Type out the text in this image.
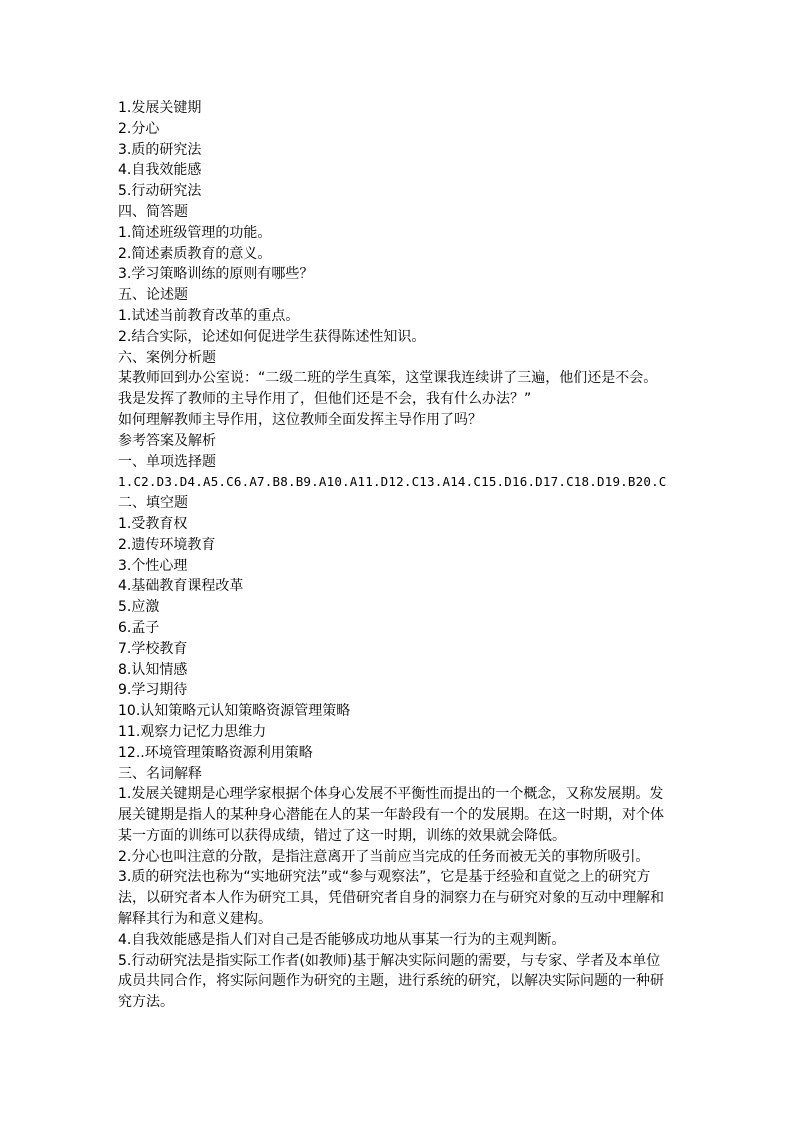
1.发展关键期
2.分心
3.质的研究法
4.自我效能感
5.行动研究法
四、简答题
1.简述班级管理的功能。
2.简述素质教育的意义。
3.学习策略训练的原则有哪些？
五、论述题
1.试述当前教育改革的重点。
2.结合实际，论述如何促进学生获得陈述性知识。
六、案例分析题
某教师回到办公室说：“二级二班的学生真笨，这堂课我连续讲了三遍，他们还是不会。
我是发挥了教师的主导作用了，但他们还是不会，我有什么办法？”
如何理解教师主导作用，这位教师全面发挥主导作用了吗？
参考答案及解析
一、单项选择题
1.C2.D3.D4.A5.C6.A7.B8.B9.A10.A11.D12.C13.A14.C15.D16.D17.C18.D19.B20.C
二、填空题
1.受教育权
2.遗传环境教育
3.个性心理
4.基础教育课程改革
5.应激
6.孟子
7.学校教育
8.认知情感
9.学习期待
10.认知策略元认知策略资源管理策略
11.观察力记忆力思维力
12..环境管理策略资源利用策略
三、名词解释
1.发展关键期是心理学家根据个体身心发展不平衡性而提出的一个概念，又称发展期。发
展关键期是指人的某种身心潜能在人的某一年龄段有一个的发展期。在这一时期，对个体
某一方面的训练可以获得成绩，错过了这一时期，训练的效果就会降低。
2.分心也叫注意的分散，是指注意离开了当前应当完成的任务而被无关的事物所吸引。
3.质的研究法也称为“实地研究法”或“参与观察法”，它是基于经验和直觉之上的研究方
法，以研究者本人作为研究工具，凭借研究者自身的洞察力在与研究对象的互动中理解和
解释其行为和意义建构。
4.自我效能感是指人们对自己是否能够成功地从事某一行为的主观判断。
5.行动研究法是指实际工作者(如教师)基于解决实际问题的需要，与专家、学者及本单位
成员共同合作，将实际问题作为研究的主题，进行系统的研究，以解决实际问题的一种研
究方法。
